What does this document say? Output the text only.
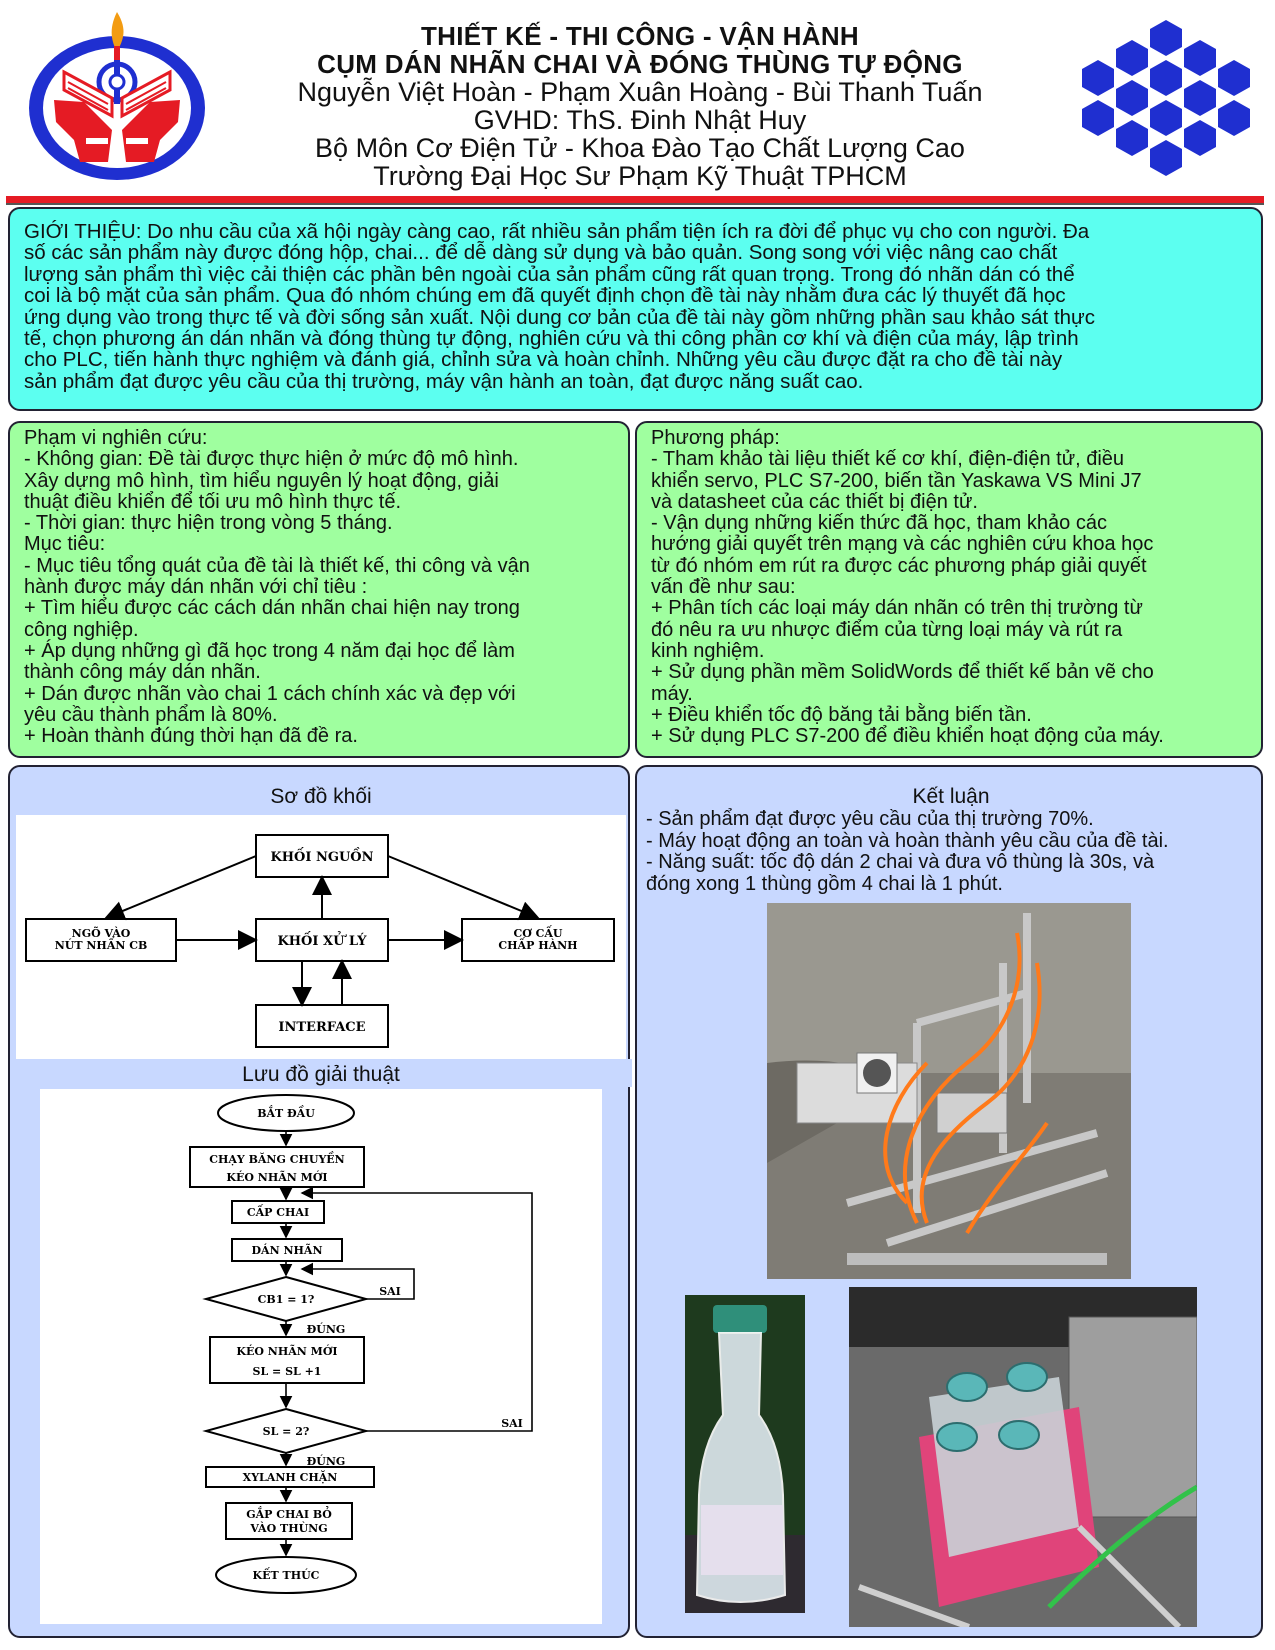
THIẾT KẾ - THI CÔNG - VẬN HÀNH
CỤM DÁN NHÃN CHAI VÀ ĐÓNG THÙNG TỰ ĐỘNG
Nguyễn Việt Hoàn - Phạm Xuân Hoàng - Bùi Thanh Tuấn
GVHD: ThS. Đinh Nhật Huy
Bộ Môn Cơ Điện Tử - Khoa Đào Tạo Chất Lượng Cao
Trường Đại Học Sư Phạm Kỹ Thuật TPHCM
GIỚI THIỆU: Do nhu cầu của xã hội ngày càng cao, rất nhiều sản phẩm tiện ích ra đời để phục vụ cho con người. Đa
số các sản phẩm này được đóng hộp, chai... để dễ dàng sử dụng và bảo quản. Song song với việc nâng cao chất
lượng sản phẩm thì việc cải thiện các phần bên ngoài của sản phẩm cũng rất quan trọng. Trong đó nhãn dán có thể
coi là bộ mặt của sản phẩm. Qua đó nhóm chúng em đã quyết định chọn đề tài này nhằm đưa các lý thuyết đã học
ứng dụng vào trong thực tế và đời sống sản xuất. Nội dung cơ bản của đề tài này gồm những phần sau khảo sát thực
tế, chọn phương án dán nhãn và đóng thùng tự động, nghiên cứu và thi công phần cơ khí và điện của máy, lập trình
cho PLC, tiến hành thực nghiệm và đánh giá, chỉnh sửa và hoàn chỉnh. Những yêu cầu được đặt ra cho đề tài này
sản phẩm đạt được yêu cầu của thị trường, máy vận hành an toàn, đạt được năng suất cao.
Phạm vi nghiên cứu:
- Không gian: Đề tài được thực hiện ở mức độ mô hình.
Xây dựng mô hình, tìm hiểu nguyên lý hoạt động, giải
thuật điều khiển để tối ưu mô hình thực tế.
- Thời gian: thực hiện trong vòng 5 tháng.
Mục tiêu:
- Mục tiêu tổng quát của đề tài là thiết kế, thi công và vận
hành được máy dán nhãn với chỉ tiêu :
+ Tìm hiểu được các cách dán nhãn chai hiện nay trong
công nghiệp.
+ Áp dụng những gì đã học trong 4 năm đại học để làm
thành công máy dán nhãn.
+ Dán được nhãn vào chai 1 cách chính xác và đẹp với
yêu cầu thành phẩm là 80%.
+ Hoàn thành đúng thời hạn đã đề ra.
Phương pháp:
- Tham khảo tài liệu thiết kế cơ khí, điện-điện tử, điều
khiển servo, PLC S7-200, biến tần Yaskawa VS Mini J7
và datasheet của các thiết bị điện tử.
- Vận dụng những kiến thức đã học, tham khảo các
hướng giải quyết trên mạng và các nghiên cứu khoa học
từ đó nhóm em rút ra được các phương pháp giải quyết
vấn đề như sau:
+ Phân tích các loại máy dán nhãn có trên thị trường từ
đó nêu ra ưu nhược điểm của từng loại máy và rút ra
kinh nghiệm.
+ Sử dụng phần mềm SolidWords để thiết kế bản vẽ cho
máy.
+ Điều khiển tốc độ băng tải bằng biến tần.
+ Sử dụng PLC S7-200 để điều khiển hoạt động của máy.
Sơ đồ khối
KHỐI NGUỒN
NGÕ VÀO
NÚT NHẤN CB	KHỐI XỬ LÝ
CƠ CẤU
CHẤP HÀNH
INTERFACE
Lưu đồ giải thuật
BẮT ĐẦU
CHẠY BĂNG CHUYỀN
KÉO NHÃN MỚI
CẤP CHAI
DÁN NHÃN
CB1 = 1?
SAI
ĐÚNG
KÉO NHÃN MỚI
SL = SL +1
SL = 2?
SAI
ĐÚNG
XYLANH CHẶN
GẮP CHAI BỎ
VÀO THÙNG
KẾT THÚC
Kết luận
- Sản phẩm đạt được yêu cầu của thị trường 70%.
- Máy hoạt động an toàn và hoàn thành yêu cầu của đề tài.
- Năng suất: tốc độ dán 2 chai và đưa vô thùng là 30s, và
đóng xong 1 thùng gồm 4 chai là 1 phút.
